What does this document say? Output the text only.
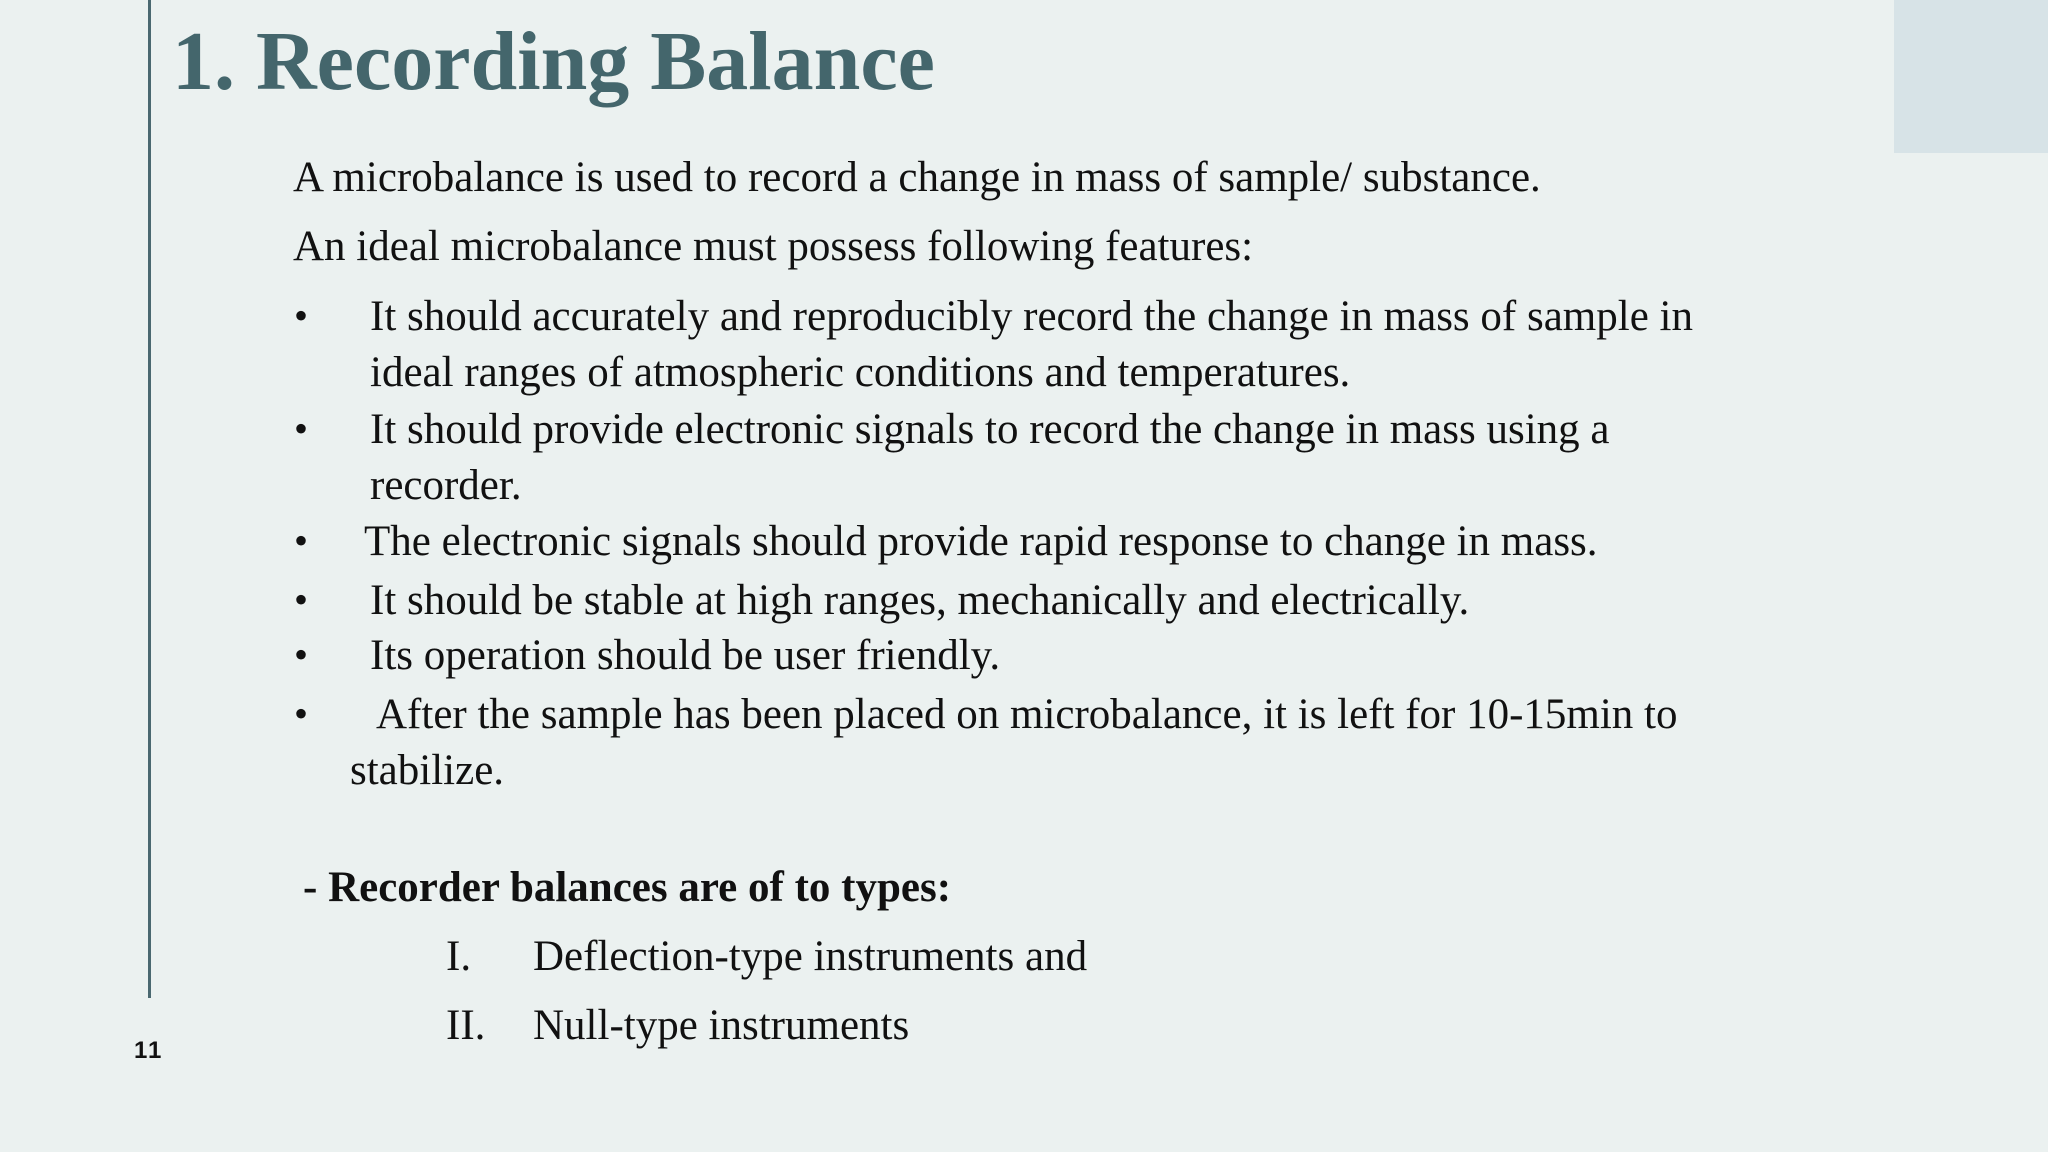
1. Recording Balance

A microbalance is used to record a change in mass of sample/ substance.

An ideal microbalance must possess following features:

• It should accurately and reproducibly record the change in mass of sample in

ideal ranges of atmospheric conditions and temperatures.

• It should provide electronic signals to record the change in mass using a

recorder.

• The electronic signals should provide rapid response to change in mass.

• It should be stable at high ranges, mechanically and electrically.

• Its operation should be user friendly.

• After the sample has been placed on microbalance, it is left for 10-15min to

stabilize.

- Recorder balances are of to types:

I. Deflection-type instruments and
II. Null-type instruments
11
